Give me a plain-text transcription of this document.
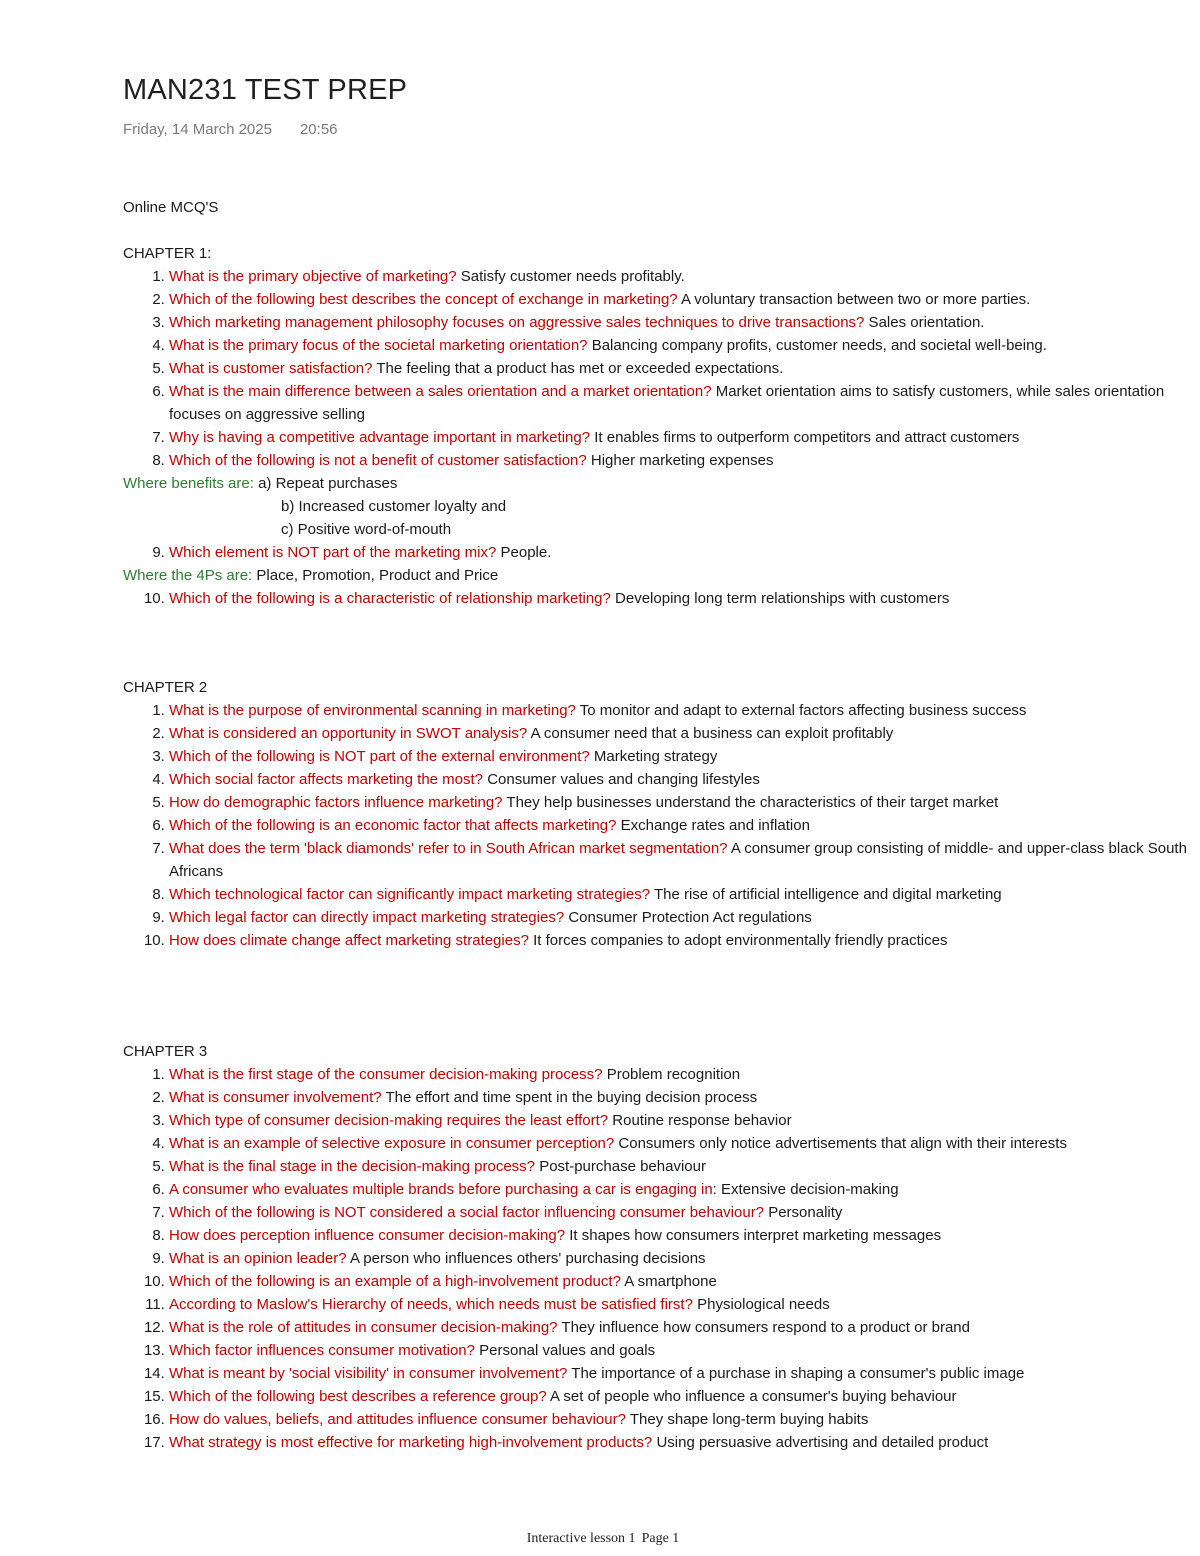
MAN231 TEST PREP
Friday, 14 March 2025 20:56

Online MCQ'S

CHAPTER 1:

1. What is the primary objective of marketing? Satisfy customer needs profitably.
2. Which of the following best describes the concept of exchange in marketing? A voluntary transaction between two or more parties.
3. Which marketing management philosophy focuses on aggressive sales techniques to drive transactions? Sales orientation.
4. What is the primary focus of the societal marketing orientation? Balancing company profits, customer needs, and societal well-being.
5. What is customer satisfaction? The feeling that a product has met or exceeded expectations.
6. What is the main difference between a sales orientation and a market orientation? Market orientation aims to satisfy customers, while sales orientation focuses on aggressive selling
7. Why is having a competitive advantage important in marketing? It enables firms to outperform competitors and attract customers
8. Which of the following is not a benefit of customer satisfaction? Higher marketing expenses

Where benefits are: a) Repeat purchases

b) Increased customer loyalty and

c) Positive word-of-mouth

9. Which element is NOT part of the marketing mix? People.

Where the 4Ps are: Place, Promotion, Product and Price

10. Which of the following is a characteristic of relationship marketing? Developing long term relationships with customers

CHAPTER 2

1. What is the purpose of environmental scanning in marketing? To monitor and adapt to external factors affecting business success
2. What is considered an opportunity in SWOT analysis? A consumer need that a business can exploit profitably
3. Which of the following is NOT part of the external environment? Marketing strategy
4. Which social factor affects marketing the most? Consumer values and changing lifestyles
5. How do demographic factors influence marketing? They help businesses understand the characteristics of their target market
6. Which of the following is an economic factor that affects marketing? Exchange rates and inflation
7. What does the term 'black diamonds' refer to in South African market segmentation? A consumer group consisting of middle- and upper-class black South Africans
8. Which technological factor can significantly impact marketing strategies? The rise of artificial intelligence and digital marketing
9. Which legal factor can directly impact marketing strategies? Consumer Protection Act regulations
10. How does climate change affect marketing strategies? It forces companies to adopt environmentally friendly practices

CHAPTER 3

1. What is the first stage of the consumer decision-making process? Problem recognition
2. What is consumer involvement? The effort and time spent in the buying decision process
3. Which type of consumer decision-making requires the least effort? Routine response behavior
4. What is an example of selective exposure in consumer perception? Consumers only notice advertisements that align with their interests
5. What is the final stage in the decision-making process? Post-purchase behaviour
6. A consumer who evaluates multiple brands before purchasing a car is engaging in: Extensive decision-making
7. Which of the following is NOT considered a social factor influencing consumer behaviour? Personality
8. How does perception influence consumer decision-making? It shapes how consumers interpret marketing messages
9. What is an opinion leader? A person who influences others' purchasing decisions
10. Which of the following is an example of a high-involvement product? A smartphone
11. According to Maslow's Hierarchy of needs, which needs must be satisfied first? Physiological needs
12. What is the role of attitudes in consumer decision-making? They influence how consumers respond to a product or brand
13. Which factor influences consumer motivation? Personal values and goals
14. What is meant by 'social visibility' in consumer involvement? The importance of a purchase in shaping a consumer's public image
15. Which of the following best describes a reference group? A set of people who influence a consumer's buying behaviour
16. How do values, beliefs, and attitudes influence consumer behaviour? They shape long-term buying habits
17. What strategy is most effective for marketing high-involvement products? Using persuasive advertising and detailed product
Interactive lesson 1 Page 1
